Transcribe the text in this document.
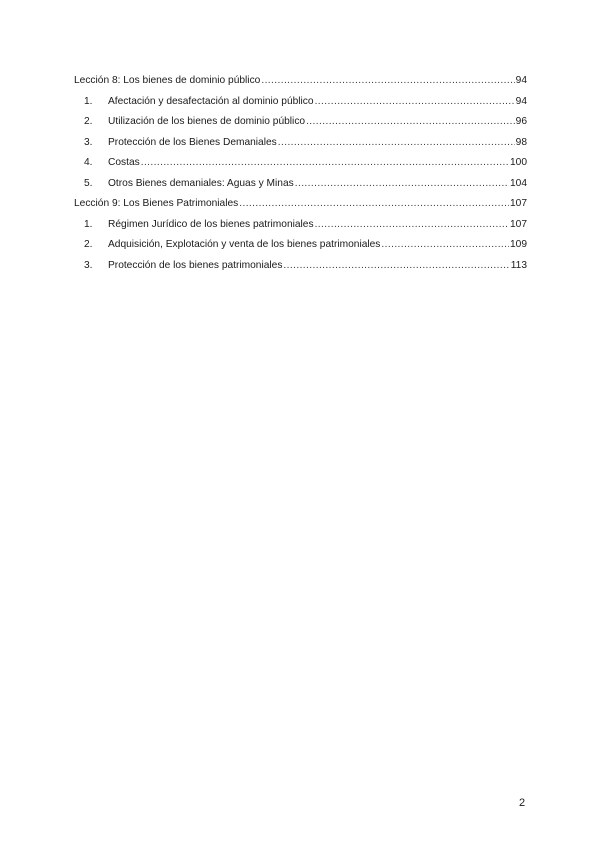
Lección 8: Los bienes de dominio público .....	94
1.	Afectación y desafectación al dominio público .....	94
2.	Utilización de los bienes de dominio público .....	96
3.	Protección de los Bienes Demaniales .....	98
4.	Costas .....	100
5.	Otros Bienes demaniales: Aguas y Minas .....	104
Lección 9: Los Bienes Patrimoniales .....	107
1.	Régimen Jurídico de los bienes patrimoniales .....	107
2.	Adquisición, Explotación y venta de los bienes patrimoniales .....	109
3.	Protección de los bienes patrimoniales .....	113
2
